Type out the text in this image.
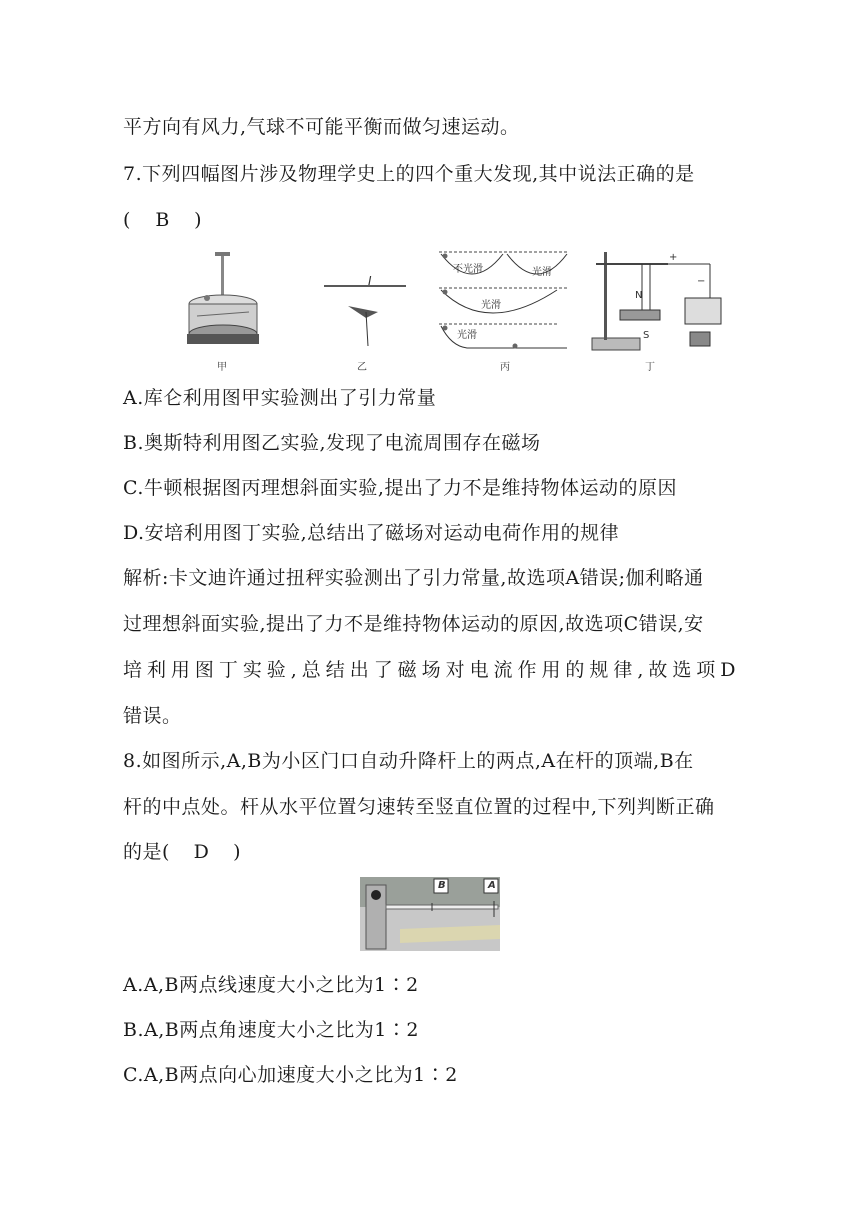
平方向有风力,气球不可能平衡而做匀速运动。
7.下列四幅图片涉及物理学史上的四个重大发现,其中说法正确的是
( B )
甲
I
乙
不光滑	光滑
光滑
光滑
丙
N
S
+
−
丁
A.库仑利用图甲实验测出了引力常量
B.奥斯特利用图乙实验,发现了电流周围存在磁场
C.牛顿根据图丙理想斜面实验,提出了力不是维持物体运动的原因
D.安培利用图丁实验,总结出了磁场对运动电荷作用的规律
解析:卡文迪许通过扭秤实验测出了引力常量,故选项A错误;伽利略通
过理想斜面实验,提出了力不是维持物体运动的原因,故选项C错误,安
培利用图丁实验,总结出了磁场对电流作用的规律,故选项D
错误。
8.如图所示,A,B为小区门口自动升降杆上的两点,A在杆的顶端,B在
杆的中点处。杆从水平位置匀速转至竖直位置的过程中,下列判断正确
的是( D )
B	A
A.A,B两点线速度大小之比为1∶2
B.A,B两点角速度大小之比为1∶2
C.A,B两点向心加速度大小之比为1∶2
